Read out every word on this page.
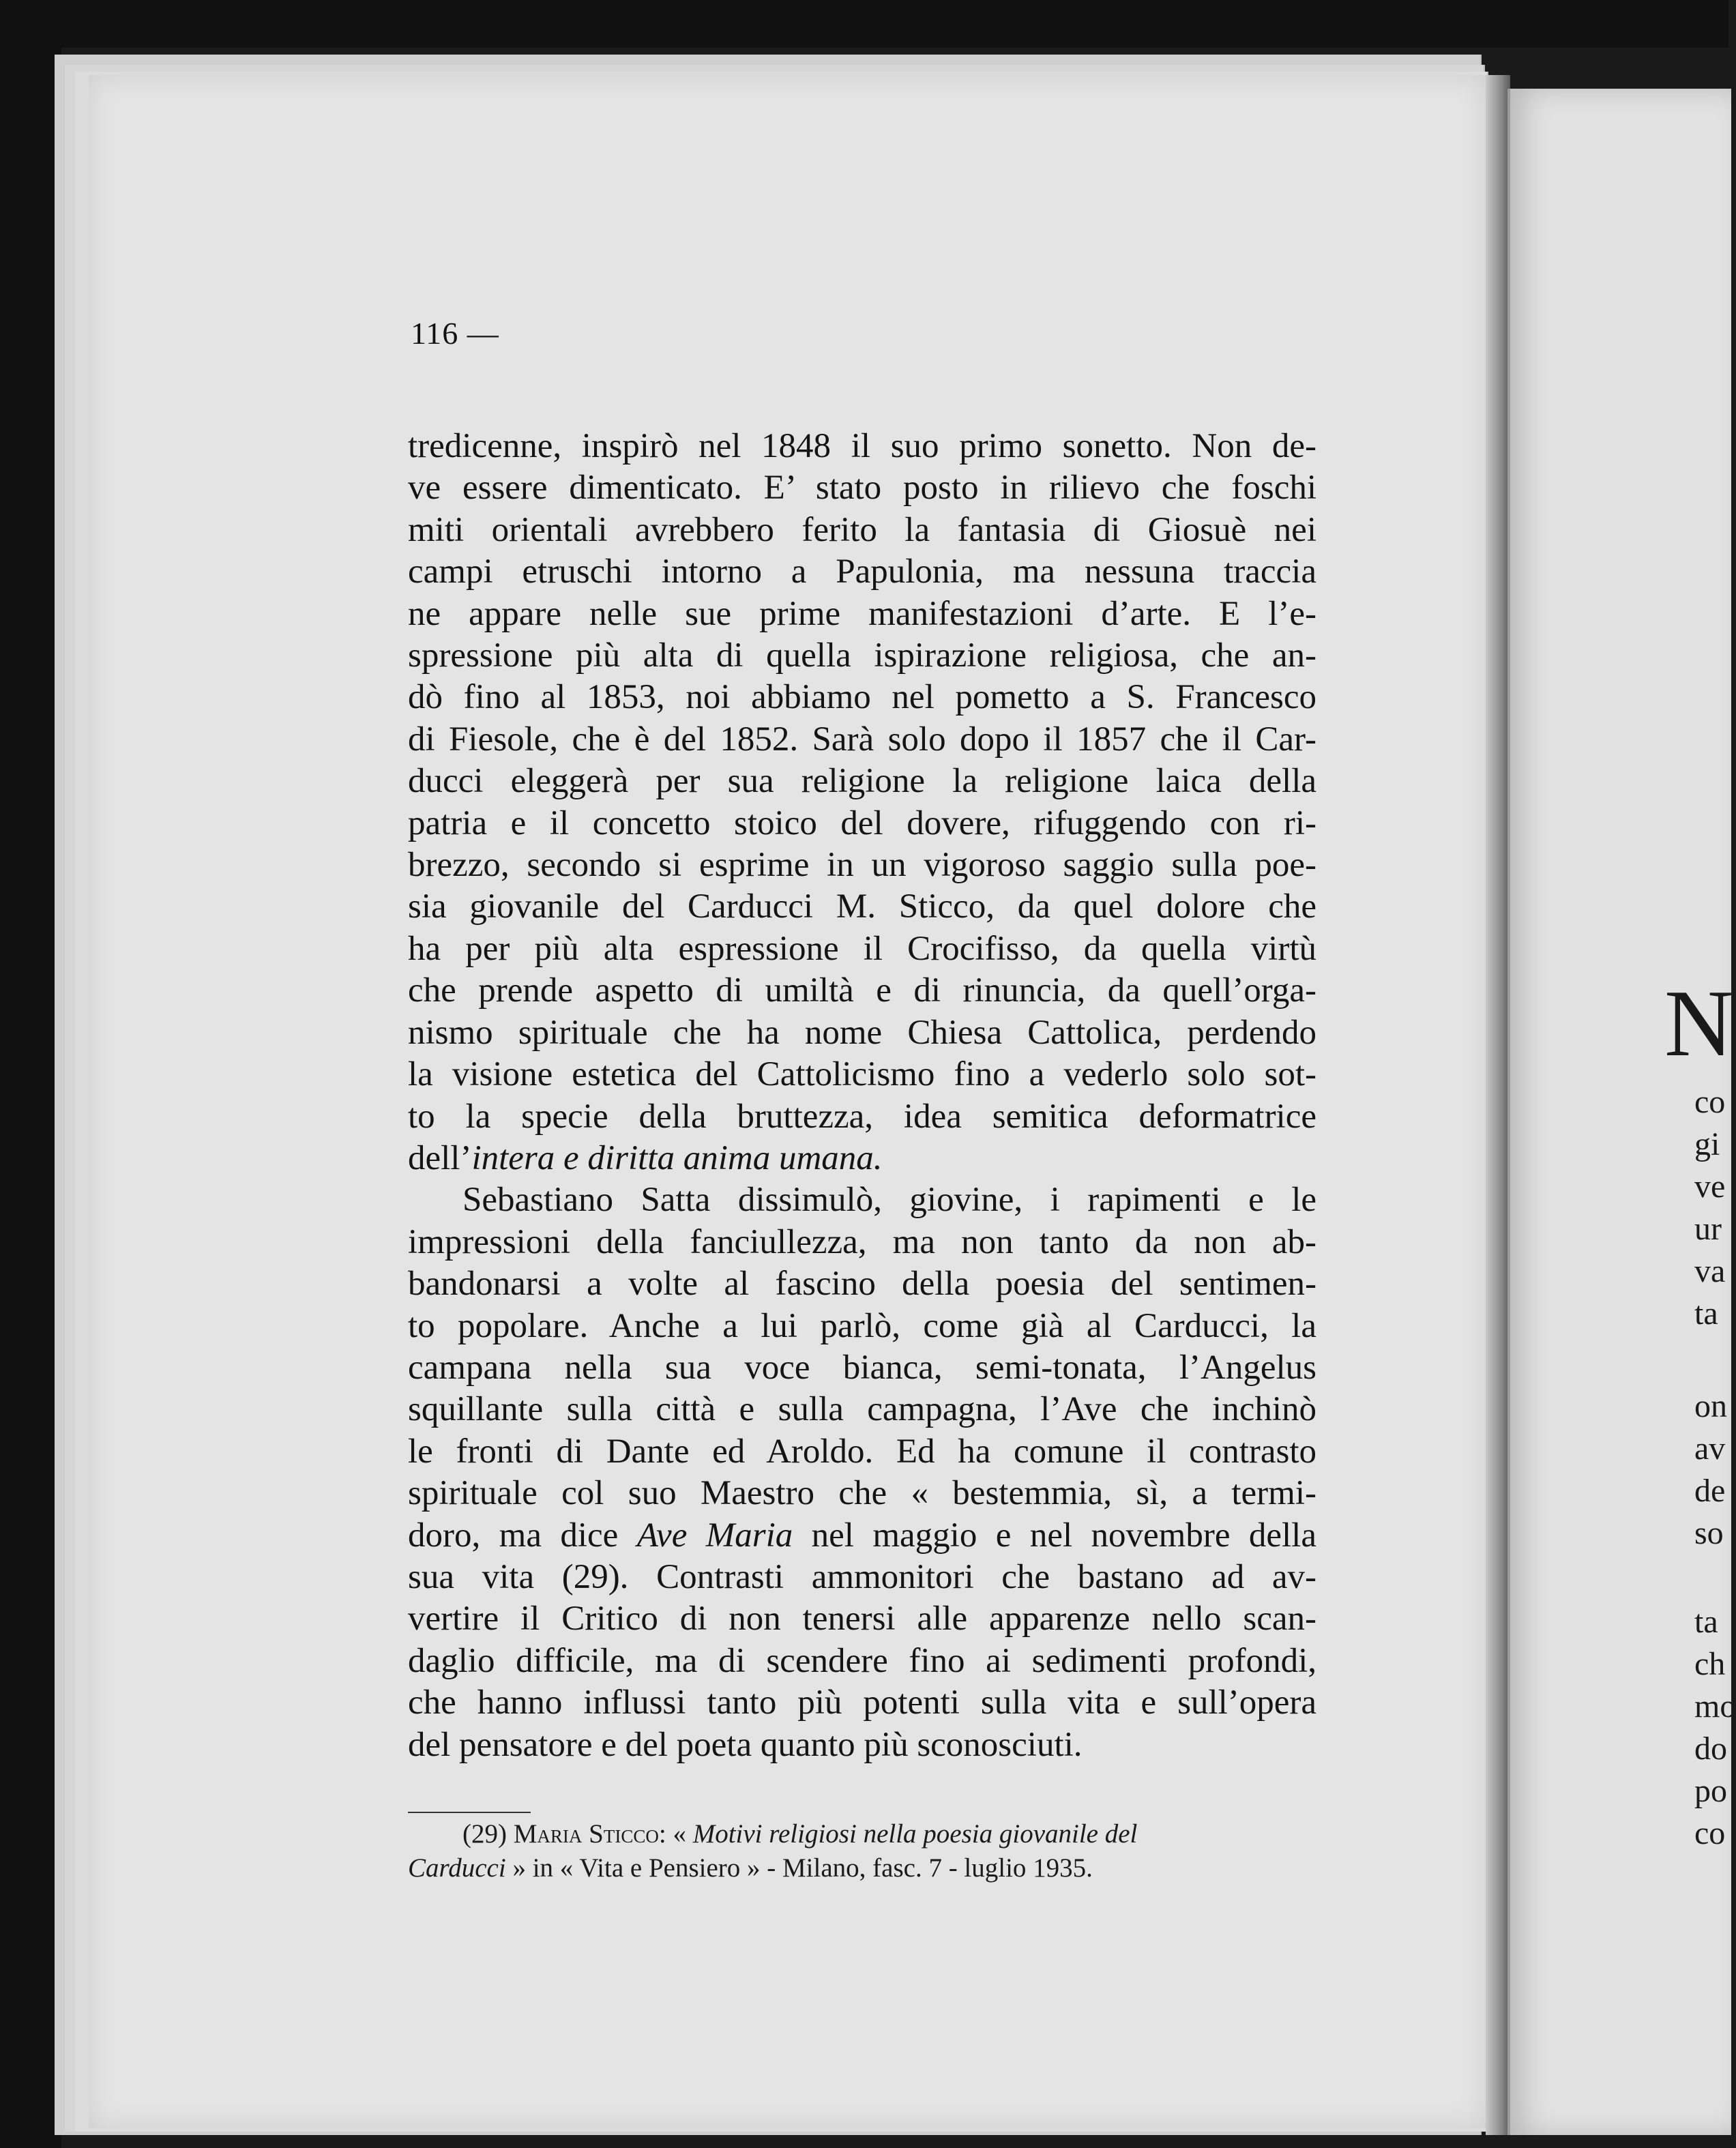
116 —

tredicenne, inspirò nel 1848 il suo primo sonetto. Non de-
ve essere dimenticato. E’ stato posto in rilievo che foschi
miti orientali avrebbero ferito la fantasia di Giosuè nei
campi etruschi intorno a Papulonia, ma nessuna traccia
ne appare nelle sue prime manifestazioni d’arte. E l’e-
spressione più alta di quella ispirazione religiosa, che an-
dò fino al 1853, noi abbiamo nel pometto a S. Francesco
di Fiesole, che è del 1852. Sarà solo dopo il 1857 che il Car-
ducci eleggerà per sua religione la religione laica della
patria e il concetto stoico del dovere, rifuggendo con ri-
brezzo, secondo si esprime in un vigoroso saggio sulla poe-
sia giovanile del Carducci M. Sticco, da quel dolore che
ha per più alta espressione il Crocifisso, da quella virtù
che prende aspetto di umiltà e di rinuncia, da quell’orga-
nismo spirituale che ha nome Chiesa Cattolica, perdendo
la visione estetica del Cattolicismo fino a vederlo solo sot-
to la specie della bruttezza, idea semitica deformatrice
dell’intera e diritta anima umana.

Sebastiano Satta dissimulò, giovine, i rapimenti e le
impressioni della fanciullezza, ma non tanto da non ab-
bandonarsi a volte al fascino della poesia del sentimen-
to popolare. Anche a lui parlò, come già al Carducci, la
campana nella sua voce bianca, semi-tonata, l’Angelus
squillante sulla città e sulla campagna, l’Ave che inchinò
le fronti di Dante ed Aroldo. Ed ha comune il contrasto
spirituale col suo Maestro che « bestemmia, sì, a termi-
doro, ma dice Ave Maria nel maggio e nel novembre della
sua vita (29). Contrasti ammonitori che bastano ad av-
vertire il Critico di non tenersi alle apparenze nello scan-
daglio difficile, ma di scendere fino ai sedimenti profondi,
che hanno influssi tanto più potenti sulla vita e sull’opera
del pensatore e del poeta quanto più sconosciuti.

(29) Maria Sticco: « Motivi religiosi nella poesia giovanile del
Carducci » in « Vita e Pensiero » - Milano, fasc. 7 - luglio 1935.
N
co
gi
ve
ur
va
ta
on
av
de
so
ta
ch
mo
do
po
co
